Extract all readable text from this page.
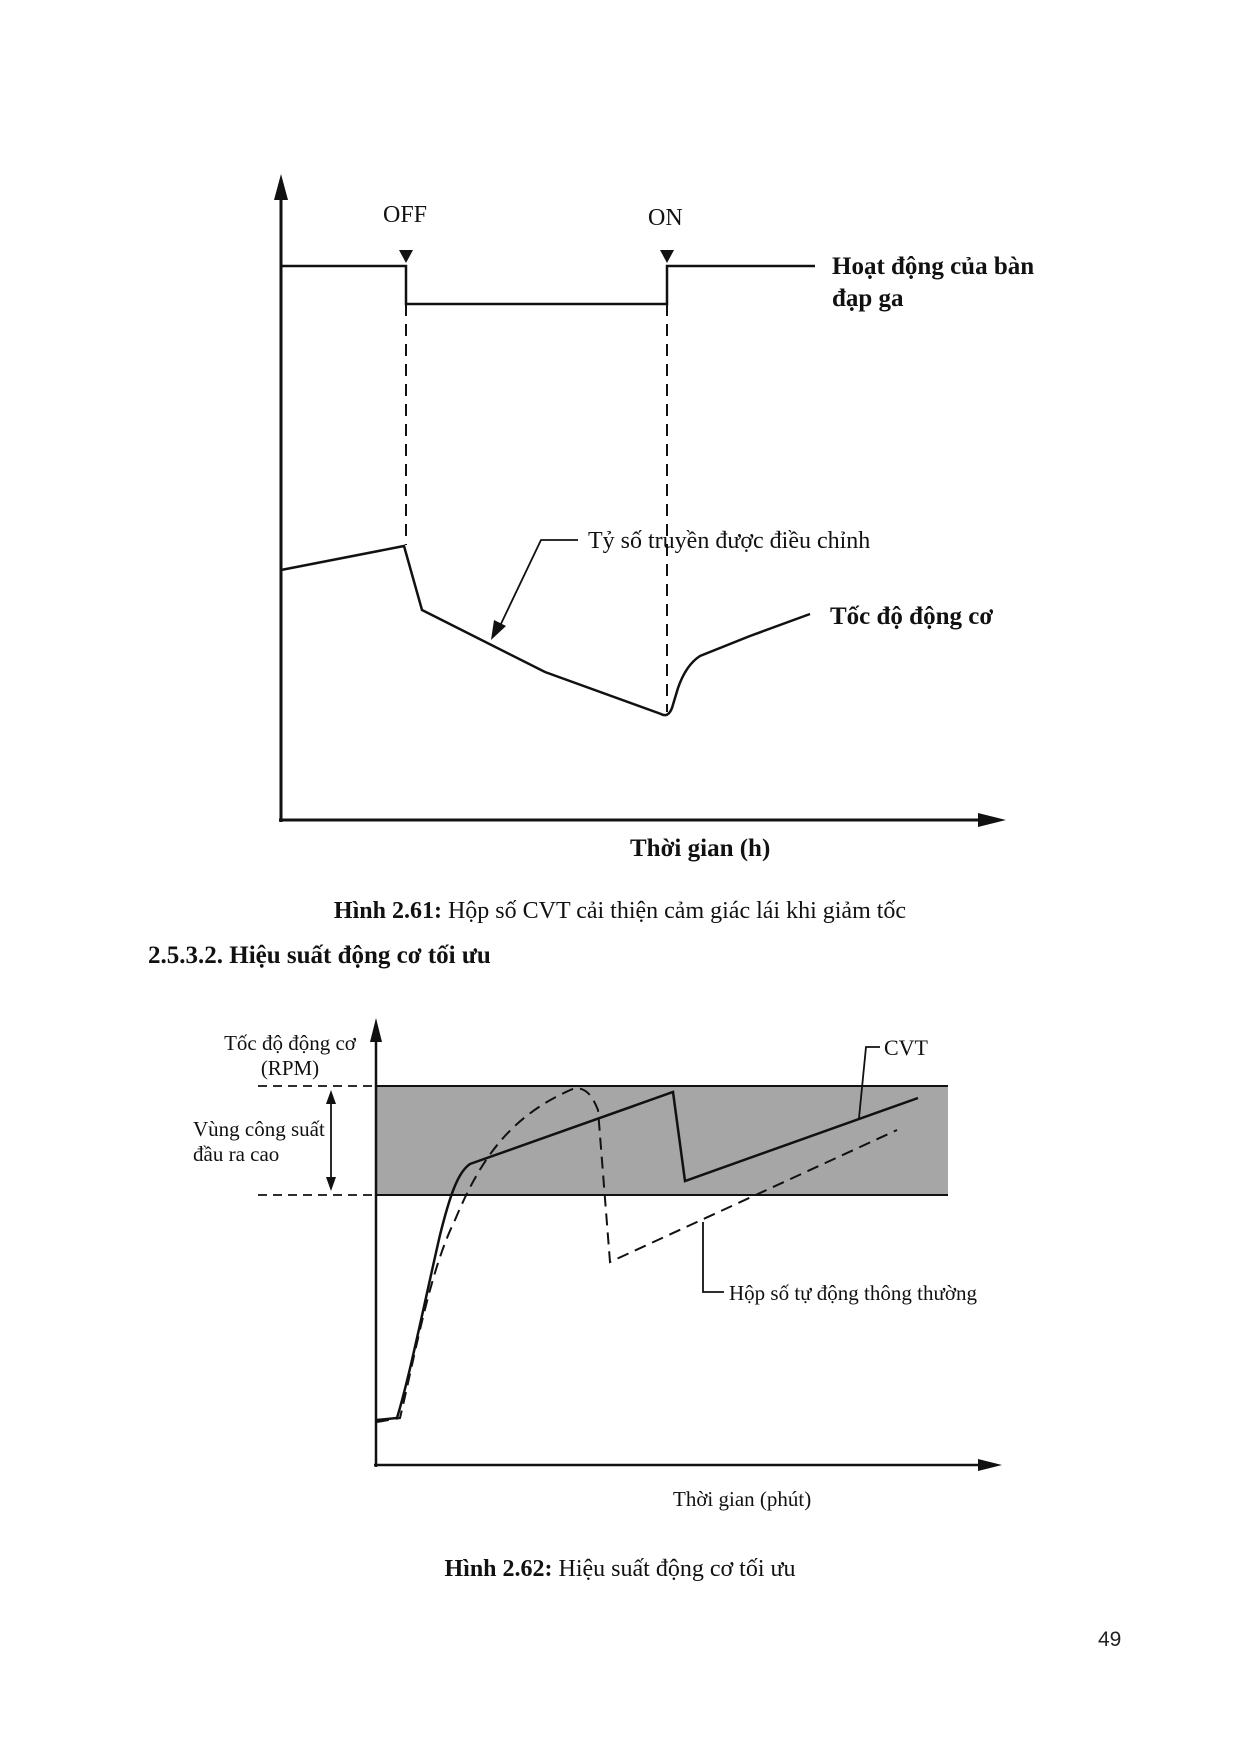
OFF	ON
Hoạt động của bàn
đạp ga
Tốc độ động cơ
Tỷ số truyền được điều chỉnh
Thời gian (h)
CVT
Hộp số tự động thông thường
Tốc độ động cơ
(RPM)
Vùng công suất
đầu ra cao
Thời gian (phút)
Hình 2.61: Hộp số CVT cải thiện cảm giác lái khi giảm tốc
2.5.3.2. Hiệu suất động cơ tối ưu
Hình 2.62: Hiệu suất động cơ tối ưu
49
